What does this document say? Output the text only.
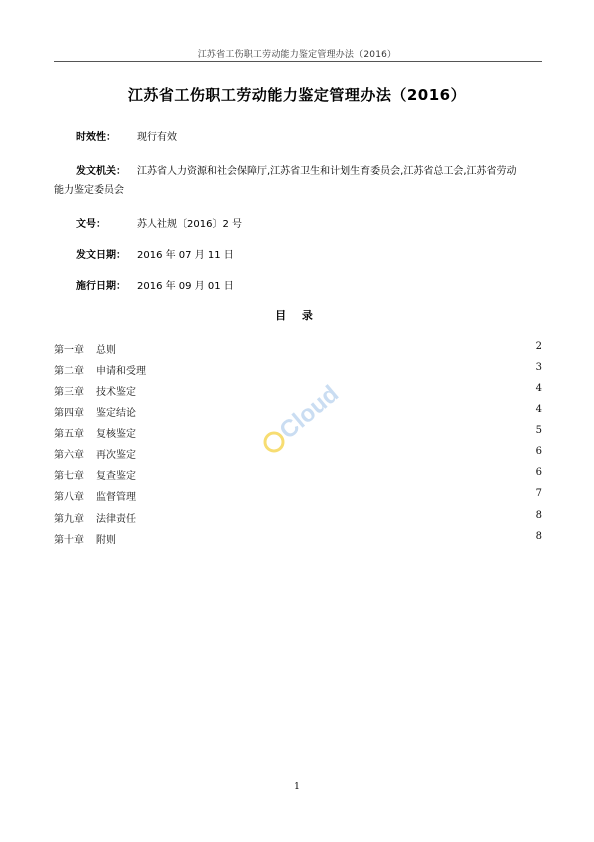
江苏省工伤职工劳动能力鉴定管理办法（2016）
江苏省工伤职工劳动能力鉴定管理办法（2016）
时效性： 现行有效
发文机关： 江苏省人力资源和社会保障厅,江苏省卫生和计划生育委员会,江苏省总工会,江苏省劳动
能力鉴定委员会
文号：	苏人社规〔2016〕2 号
发文日期： 2016 年 07 月 11 日
施行日期： 2016 年 09 月 01 日
目 录
第一章 总则	2
第二章 申请和受理	3
第三章 技术鉴定	4
第四章 鉴定结论	4
第五章 复核鉴定	5
第六章 再次鉴定	6
第七章 复查鉴定	6
第八章 监督管理	7
第九章 法律责任	8
第十章 附则	8
Cloud
1
